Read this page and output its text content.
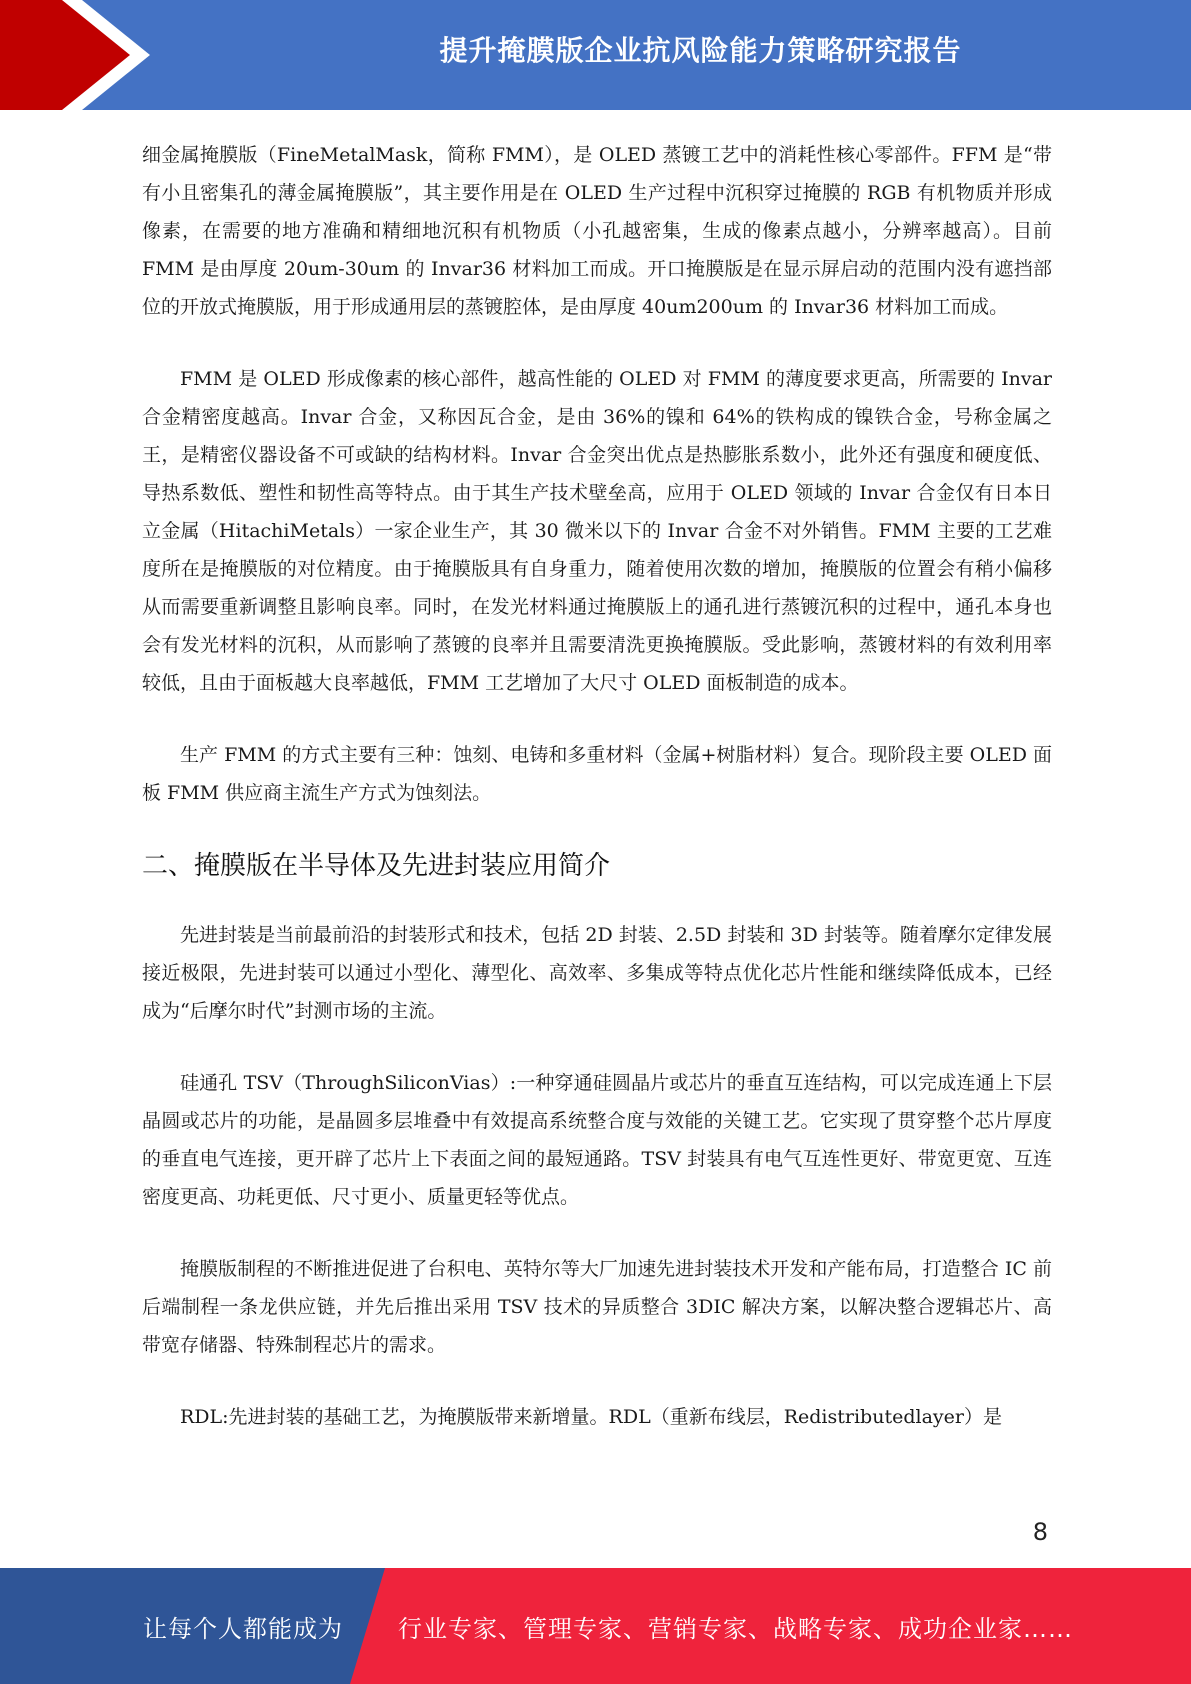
提升掩膜版企业抗风险能力策略研究报告

细金属掩膜版（FineMetalMask，简称 FMM），是 OLED 蒸镀工艺中的消耗性核心零部件。FFM 是“带有小且密集孔的薄金属掩膜版”，其主要作用是在 OLED 生产过程中沉积穿过掩膜的 RGB 有机物质并形成像素，在需要的地方准确和精细地沉积有机物质（小孔越密集，生成的像素点越小，分辨率越高）。目前 FMM 是由厚度 20um-30um 的 Invar36 材料加工而成。开口掩膜版是在显示屏启动的范围内没有遮挡部位的开放式掩膜版，用于形成通用层的蒸镀腔体，是由厚度 40um200um 的 Invar36 材料加工而成。

FMM 是 OLED 形成像素的核心部件，越高性能的 OLED 对 FMM 的薄度要求更高，所需要的 Invar 合金精密度越高。Invar 合金，又称因瓦合金，是由 36%的镍和 64%的铁构成的镍铁合金，号称金属之王，是精密仪器设备不可或缺的结构材料。Invar 合金突出优点是热膨胀系数小，此外还有强度和硬度低、导热系数低、塑性和韧性高等特点。由于其生产技术壁垒高，应用于 OLED 领域的 Invar 合金仅有日本日立金属（HitachiMetals）一家企业生产，其 30 微米以下的 Invar 合金不对外销售。FMM 主要的工艺难度所在是掩膜版的对位精度。由于掩膜版具有自身重力，随着使用次数的增加，掩膜版的位置会有稍小偏移从而需要重新调整且影响良率。同时，在发光材料通过掩膜版上的通孔进行蒸镀沉积的过程中，通孔本身也会有发光材料的沉积，从而影响了蒸镀的良率并且需要清洗更换掩膜版。受此影响，蒸镀材料的有效利用率较低，且由于面板越大良率越低，FMM 工艺增加了大尺寸 OLED 面板制造的成本。

生产 FMM 的方式主要有三种：蚀刻、电铸和多重材料（金属+树脂材料）复合。现阶段主要 OLED 面板 FMM 供应商主流生产方式为蚀刻法。

二、掩膜版在半导体及先进封装应用简介

先进封装是当前最前沿的封装形式和技术，包括 2D 封装、2.5D 封装和 3D 封装等。随着摩尔定律发展接近极限，先进封装可以通过小型化、薄型化、高效率、多集成等特点优化芯片性能和继续降低成本，已经成为“后摩尔时代”封测市场的主流。

硅通孔 TSV（ThroughSiliconVias）:一种穿通硅圆晶片或芯片的垂直互连结构，可以完成连通上下层晶圆或芯片的功能，是晶圆多层堆叠中有效提高系统整合度与效能的关键工艺。它实现了贯穿整个芯片厚度的垂直电气连接，更开辟了芯片上下表面之间的最短通路。TSV 封装具有电气互连性更好、带宽更宽、互连密度更高、功耗更低、尺寸更小、质量更轻等优点。

掩膜版制程的不断推进促进了台积电、英特尔等大厂加速先进封装技术开发和产能布局，打造整合 IC 前后端制程一条龙供应链，并先后推出采用 TSV 技术的异质整合 3DIC 解决方案，以解决整合逻辑芯片、高带宽存储器、特殊制程芯片的需求。

RDL:先进封装的基础工艺，为掩膜版带来新增量。RDL（重新布线层，Redistributedlayer）是

8
让每个人都能成为 行业专家、管理专家、营销专家、战略专家、成功企业家……
